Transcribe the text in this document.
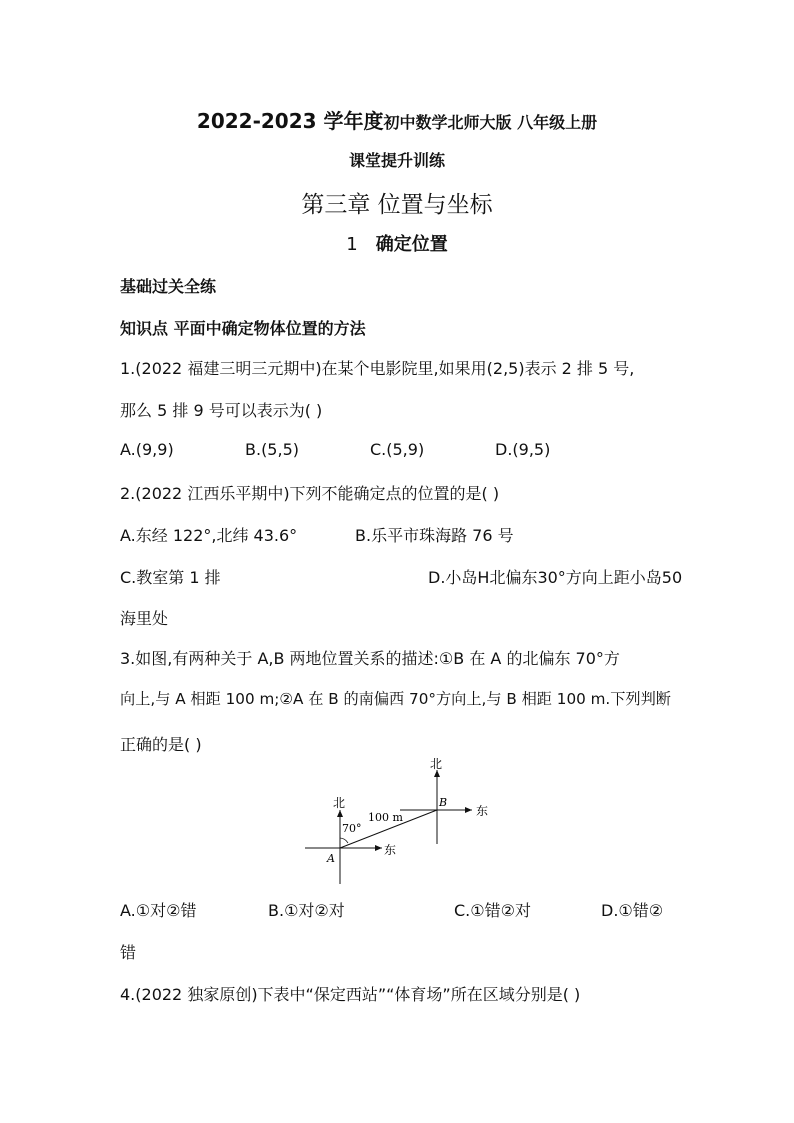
2022-2023 学年度初中数学北师大版 八年级上册
课堂提升训练
第三章 位置与坐标
1 确定位置
基础过关全练
知识点 平面中确定物体位置的方法
1.(2022 福建三明三元期中)在某个电影院里,如果用(2,5)表示 2 排 5 号,
那么 5 排 9 号可以表示为( )
A.(9,9)	B.(5,5)	C.(5,9)	D.(9,5)
2.(2022 江西乐平期中)下列不能确定点的位置的是( )
A.东经 122°,北纬 43.6°	B.乐平市珠海路 76 号
C.教室第 1 排	D.小岛H北偏东30°方向上距小岛50
海里处
3.如图,有两种关于 A,B 两地位置关系的描述:①B 在 A 的北偏东 70°方
向上,与 A 相距 100 m;②A 在 B 的南偏西 70°方向上,与 B 相距 100 m.下列判断
正确的是( )
北
北
东
东
70°
100 m
A
B
A.①对②错	B.①对②对	C.①错②对	D.①错②
错
4.(2022 独家原创)下表中“保定西站”“体育场”所在区域分别是( )
